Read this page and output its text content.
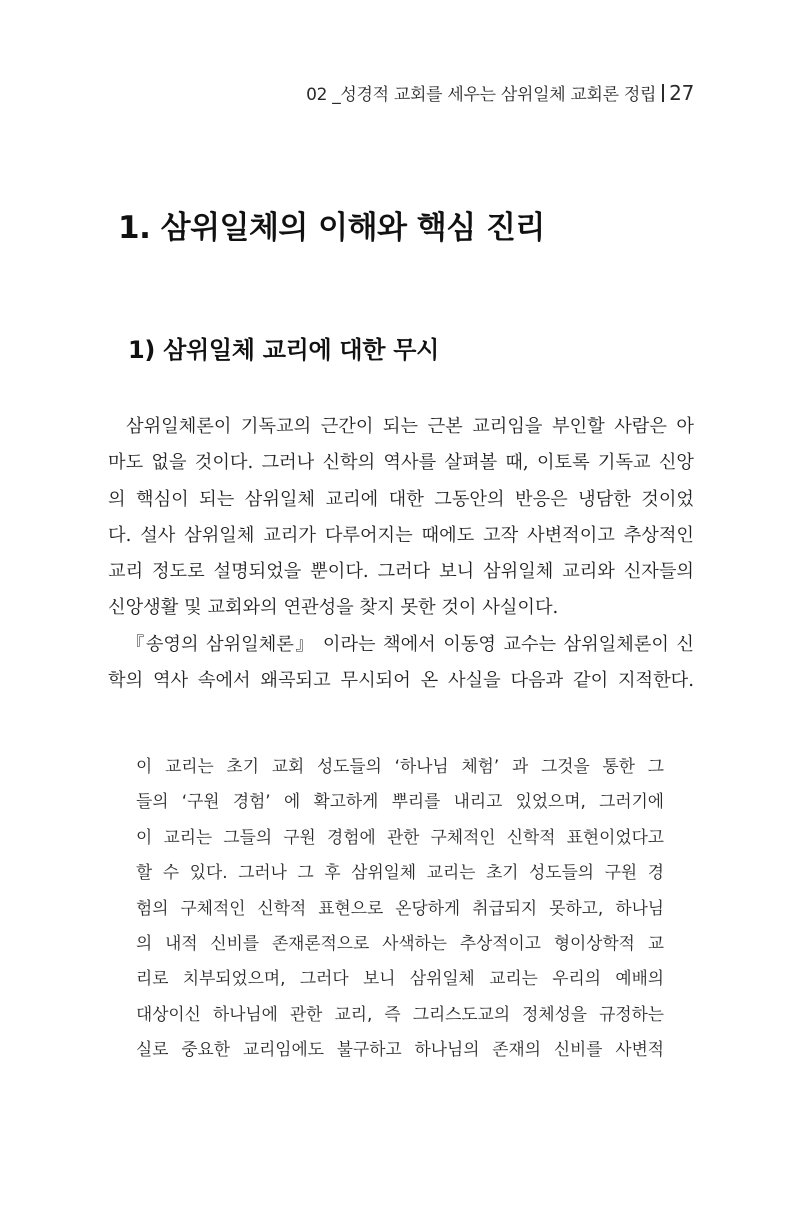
02 _성경적 교회를 세우는 삼위일체 교회론 정립 27
1. 삼위일체의 이해와 핵심 진리
1) 삼위일체 교리에 대한 무시
삼위일체론이 기독교의 근간이 되는 근본 교리임을 부인할 사람은 아
마도 없을 것이다. 그러나 신학의 역사를 살펴볼 때, 이토록 기독교 신앙
의 핵심이 되는 삼위일체 교리에 대한 그동안의 반응은 냉담한 것이었
다. 설사 삼위일체 교리가 다루어지는 때에도 고작 사변적이고 추상적인
교리 정도로 설명되었을 뿐이다. 그러다 보니 삼위일체 교리와 신자들의
신앙생활 및 교회와의 연관성을 찾지 못한 것이 사실이다.
『송영의 삼위일체론』 이라는 책에서 이동영 교수는 삼위일체론이 신
학의 역사 속에서 왜곡되고 무시되어 온 사실을 다음과 같이 지적한다.
이 교리는 초기 교회 성도들의 ‘하나님 체험’ 과 그것을 통한 그
들의 ‘구원 경험’ 에 확고하게 뿌리를 내리고 있었으며, 그러기에
이 교리는 그들의 구원 경험에 관한 구체적인 신학적 표현이었다고
할 수 있다. 그러나 그 후 삼위일체 교리는 초기 성도들의 구원 경
험의 구체적인 신학적 표현으로 온당하게 취급되지 못하고, 하나님
의 내적 신비를 존재론적으로 사색하는 추상적이고 형이상학적 교
리로 치부되었으며, 그러다 보니 삼위일체 교리는 우리의 예배의
대상이신 하나님에 관한 교리, 즉 그리스도교의 정체성을 규정하는
실로 중요한 교리임에도 불구하고 하나님의 존재의 신비를 사변적
